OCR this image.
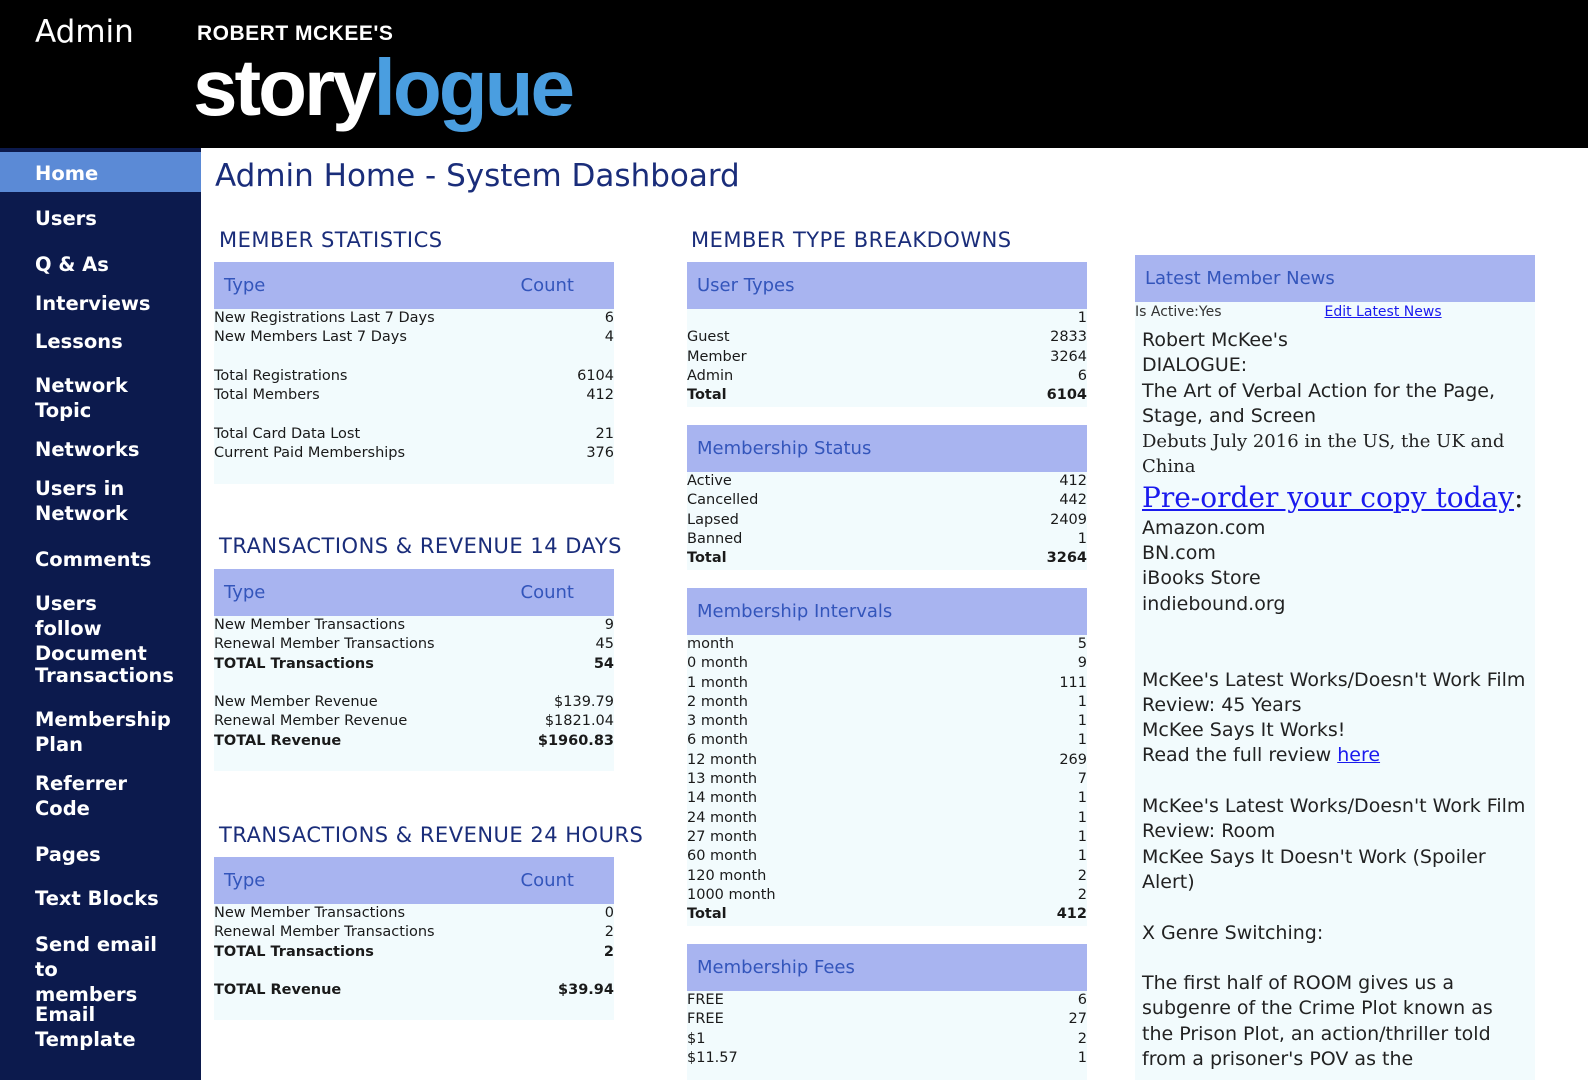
Admin	ROBERT MCKEE'S
storylogue
Home
Users
Q & As
Interviews
Lessons
Network Topic
Networks
Users in Network
Comments
Users follow Document
Transactions
Membership Plan
Referrer Code
Pages
Text Blocks
Send email to members
Email Template
Admin Home - System Dashboard
MEMBER STATISTICS
Type	Count
New Registrations Last 7 Days	6
New Members Last 7 Days	4
Total Registrations	6104
Total Members	412
Total Card Data Lost	21
Current Paid Memberships	376
TRANSACTIONS & REVENUE 14 DAYS
Type	Count
New Member Transactions	9
Renewal Member Transactions	45
TOTAL Transactions	54
New Member Revenue	$139.79
Renewal Member Revenue	$1821.04
TOTAL Revenue	$1960.83
TRANSACTIONS & REVENUE 24 HOURS
Type	Count
New Member Transactions	0
Renewal Member Transactions	2
TOTAL Transactions	2
TOTAL Revenue	$39.94
MEMBER TYPE BREAKDOWNS
User Types
1
Guest	2833
Member	3264
Admin	6
Total	6104
Membership Status
Active	412
Cancelled	442
Lapsed	2409
Banned	1
Total	3264
Membership Intervals
month	5
0 month	9
1 month	111
2 month	1
3 month	1
6 month	1
12 month	269
13 month	7
14 month	1
24 month	1
27 month	1
60 month	1
120 month	2
1000 month	2
Total	412
Membership Fees
FREE	6
FREE	27
$1	2
$11.57	1
Latest Member News
Is Active:Yes	Edit Latest News
Robert McKee's
DIALOGUE:
The Art of Verbal Action for the Page, Stage, and Screen
Debuts July 2016 in the US, the UK and China
Pre-order your copy today:
Amazon.com
BN.com
iBooks Store
indiebound.org
McKee's Latest Works/Doesn't Work Film Review: 45 Years
McKee Says It Works!
Read the full review here
McKee's Latest Works/Doesn't Work Film Review: Room
McKee Says It Doesn't Work (Spoiler Alert)
X Genre Switching:
The first half of ROOM gives us a subgenre of the Crime Plot known as the Prison Plot, an action/thriller told from a prisoner's POV as the
